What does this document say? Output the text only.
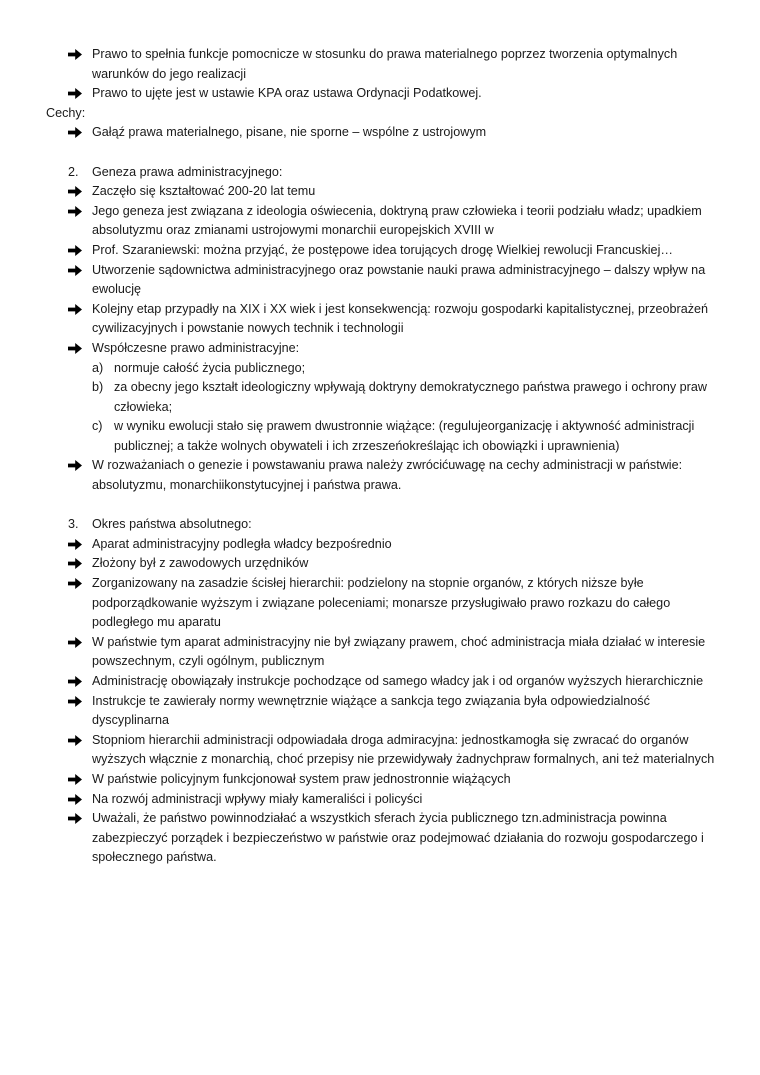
Prawo to spełnia funkcje pomocnicze w stosunku do prawa materialnego poprzez tworzenia optymalnych warunków do jego realizacji
Prawo to ujęte jest w ustawie KPA oraz ustawa Ordynacji Podatkowej.
Cechy:
Gałąź prawa materialnego, pisane, nie sporne – wspólne z ustrojowym
2.	Geneza prawa administracyjnego:
Zaczęło się kształtować 200-20 lat temu
Jego geneza jest związana z ideologia oświecenia, doktryną praw człowieka i teorii podziału władz; upadkiem absolutyzmu oraz zmianami ustrojowymi monarchii europejskich XVIII w
Prof. Szaraniewski: można przyjąć, że postępowe idea torujących drogę Wielkiej rewolucji Francuskiej…
Utworzenie sądownictwa administracyjnego oraz powstanie nauki prawa administracyjnego – dalszy wpływ na ewolucję
Kolejny etap przypadły na XIX i XX wiek i jest konsekwencją: rozwoju gospodarki kapitalistycznej, przeobrażeń cywilizacyjnych i powstanie nowych technik i technologii
Współczesne prawo administracyjne:
a) normuje całość życia publicznego;
b) za obecny jego kształt ideologiczny wpływają doktryny demokratycznego państwa prawego i ochrony praw człowieka;
c) w wyniku ewolucji stało się prawem dwustronnie wiążące: (regulujeorganizację i aktywność administracji publicznej; a także wolnych obywateli i ich zrzeszeńokreślając ich obowiązki i uprawnienia)
W rozważaniach o genezie i powstawaniu prawa należy zwrócićuwagę na cechy administracji w państwie: absolutyzmu, monarchiikonstytucyjnej i państwa prawa.
3.	Okres państwa absolutnego:
Aparat administracyjny podległa władcy bezpośrednio
Złożony był z zawodowych urzędników
Zorganizowany na zasadzie ścisłej hierarchii: podzielony na stopnie organów, z których niższe byłe podporządkowanie wyższym i związane poleceniami; monarsze przysługiwało prawo rozkazu do całego podległego mu aparatu
W państwie tym aparat administracyjny nie był związany prawem, choć administracja miała działać w interesie powszechnym, czyli ogólnym, publicznym
Administrację obowiązały instrukcje pochodzące od samego władcy jak i od organów wyższych hierarchicznie
Instrukcje te zawierały normy wewnętrznie wiążące a sankcja tego związania była odpowiedzialność dyscyplinarna
Stopniom hierarchii administracji odpowiadała droga admiracyjna: jednostkamogła się zwracać do organów wyższych włącznie z monarchią, choć przepisy nie przewidywały żadnychpraw formalnych, ani też materialnych
W państwie policyjnym funkcjonował system praw jednostronnie wiążących
Na rozwój administracji wpływy miały kameraliści i policyści
Uważali, że państwo powinnodziałać a wszystkich sferach życia publicznego tzn.administracja powinna zabezpieczyć porządek i bezpieczeństwo w państwie oraz podejmować działania do rozwoju gospodarczego i społecznego państwa.
